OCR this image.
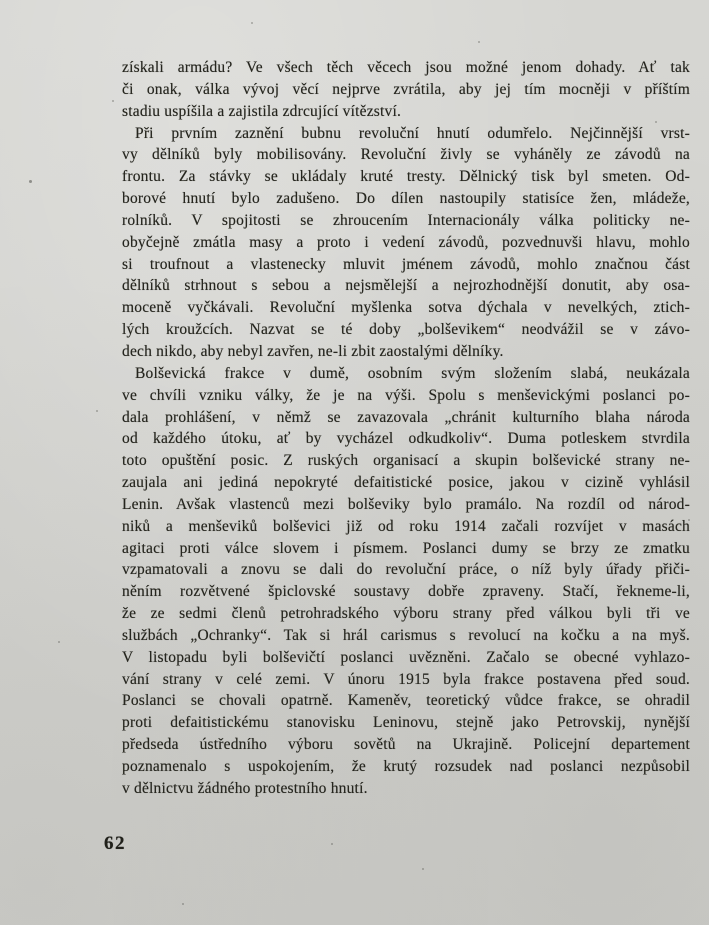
získali armádu? Ve všech těch věcech jsou možné jenom dohady. Ať tak
či onak, válka vývoj věcí nejprve zvrátila, aby jej tím mocněji v příštím
stadiu uspíšila a zajistila zdrcující vítězství.
Při prvním zaznění bubnu revoluční hnutí odumřelo. Nejčinnější vrst-
vy dělníků byly mobilisovány. Revoluční živly se vyháněly ze závodů na
frontu. Za stávky se ukládaly kruté tresty. Dělnický tisk byl smeten. Od-
borové hnutí bylo zadušeno. Do dílen nastoupily statisíce žen, mládeže,
rolníků. V spojitosti se zhroucením Internacionály válka politicky ne-
obyčejně zmátla masy a proto i vedení závodů, pozvednuvši hlavu, mohlo
si troufnout a vlastenecky mluvit jménem závodů, mohlo značnou část
dělníků strhnout s sebou a nejsmělejší a nejrozhodnější donutit, aby osa-
moceně vyčkávali. Revoluční myšlenka sotva dýchala v nevelkých, ztich-
lých kroužcích. Nazvat se té doby „bolševikem“ neodvážil se v závo-
dech nikdo, aby nebyl zavřen, ne-li zbit zaostalými dělníky.
Bolševická frakce v dumě, osobním svým složením slabá, neukázala
ve chvíli vzniku války, že je na výši. Spolu s menševickými poslanci po-
dala prohlášení, v němž se zavazovala „chránit kulturního blaha národa
od každého útoku, ať by vycházel odkudkoliv“. Duma potleskem stvrdila
toto opuštění posic. Z ruských organisací a skupin bolševické strany ne-
zaujala ani jediná nepokryté defaitistické posice, jakou v cizině vyhlásil
Lenin. Avšak vlastenců mezi bolševiky bylo pramálo. Na rozdíl od národ-
niků a menševiků bolševici již od roku 1914 začali rozvíjet v masách
agitaci proti válce slovem i písmem. Poslanci dumy se brzy ze zmatku
vzpamatovali a znovu se dali do revoluční práce, o níž byly úřady přiči-
něním rozvětvené špiclovské soustavy dobře zpraveny. Stačí, řekneme-li,
že ze sedmi členů petrohradského výboru strany před válkou byli tři ve
službách „Ochranky“. Tak si hrál carismus s revolucí na kočku a na myš.
V listopadu byli bolševičtí poslanci uvězněni. Začalo se obecné vyhlazo-
vání strany v celé zemi. V únoru 1915 byla frakce postavena před soud.
Poslanci se chovali opatrně. Kameněv, teoretický vůdce frakce, se ohradil
proti defaitistickému stanovisku Leninovu, stejně jako Petrovskij, nynější
předseda ústředního výboru sovětů na Ukrajině. Policejní departement
poznamenalo s uspokojením, že krutý rozsudek nad poslanci nezpůsobil
v dělnictvu žádného protestního hnutí.
62
